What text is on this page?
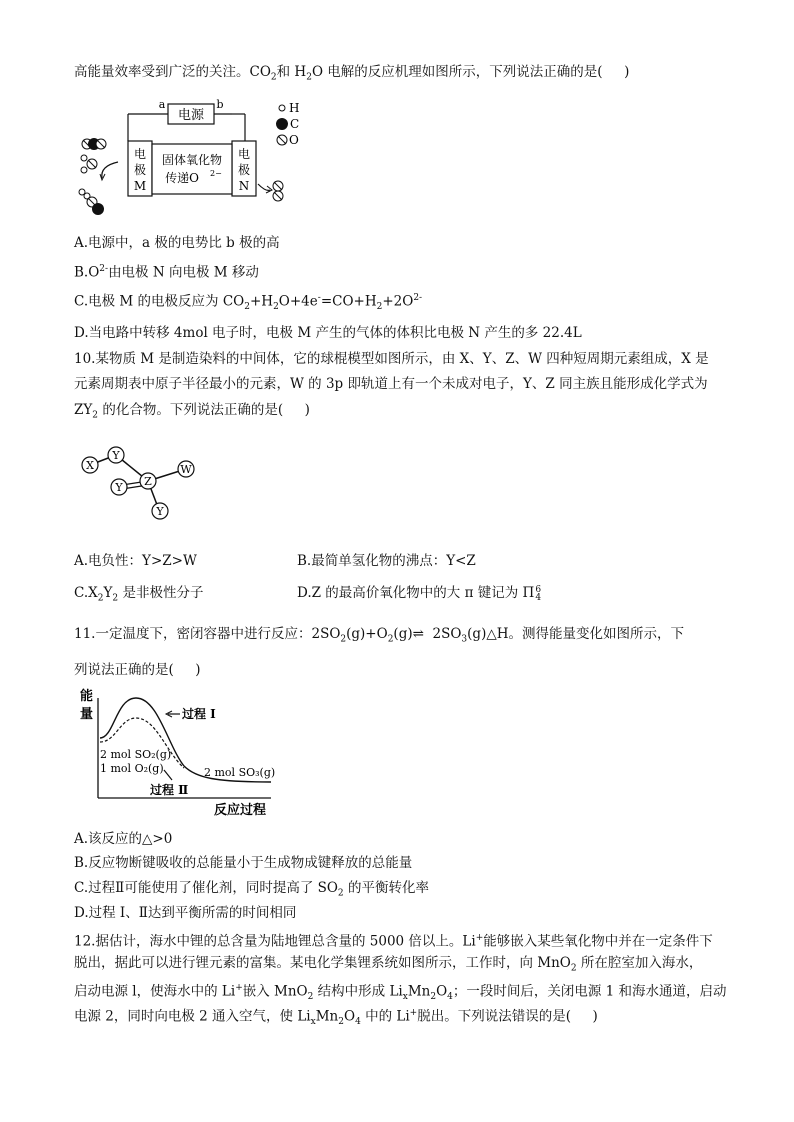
高能量效率受到广泛的关注。$CO_2$和 $H_2O$ 电解的反应机理如图所示，下列说法正确的是( )
电源
a	b
电
极
M
电
极
N
固体氧化物
传递O 2−
H
C
O
A.电源中，a 极的电势比 b 极的高
$B.O^{2-}$由电极 N 向电极 M 移动
C.电极 M 的电极反应为 $CO_2+H_2O+4e^-=CO+H_2+2O^{2-}$
D.当电路中转移 4mol 电子时，电极 M 产生的气体的体积比电极 N 产生的多 22.4L
10.某物质 M 是制造染料的中间体，它的球棍模型如图所示，由 X、Y、Z、W 四种短周期元素组成，X 是
元素周期表中原子半径最小的元素，W 的 3p 即轨道上有一个未成对电子，Y、Z 同主族且能形成化学式为
$ZY_2$ 的化合物。下列说法正确的是( )
X
Y
Y Z
W
Y
A.电负性：Y>Z>W	B.最简单氢化物的沸点：Y<Z
$C.X_2Y_2$ 是非极性分子	D.Z 的最高价氧化物中的大 π 键记为 Π 6
4
11.一定温度下，密闭容器中进行反应：$2SO_2(g)+O_2(g)\rightleftharpoons$ $2SO_3(g)\triangle H$。测得能量变化如图所示，下
列说法正确的是( )
能
量
反应过程
过程 Ⅰ
过程 Ⅱ
2 mol SO₂(g)
1 mol O₂(g)	2 mol SO₃(g)
A.该反应的△>0
B.反应物断键吸收的总能量小于生成物成键释放的总能量
C.过程Ⅱ可能使用了催化剂，同时提高了 $SO_2$ 的平衡转化率
D.过程 Ⅰ、Ⅱ达到平衡所需的时间相同
12.据估计，海水中锂的总含量为陆地锂总含量的 5000 倍以上。Li+能够嵌入某些氧化物中并在一定条件下
脱出，据此可以进行锂元素的富集。某电化学集锂系统如图所示，工作时，向 MnO$_2$ 所在腔室加入海水，
启动电源 l，使海水中的 Li+嵌入 MnO$_2$ 结构中形成 $Li_xMn_2O_4$；一段时间后，关闭电源 1 和海水通道，启动
电源 2，同时向电极 2 通入空气，使 $Li_xMn_2O_4$ 中的 Li+脱出。下列说法错误的是( )
